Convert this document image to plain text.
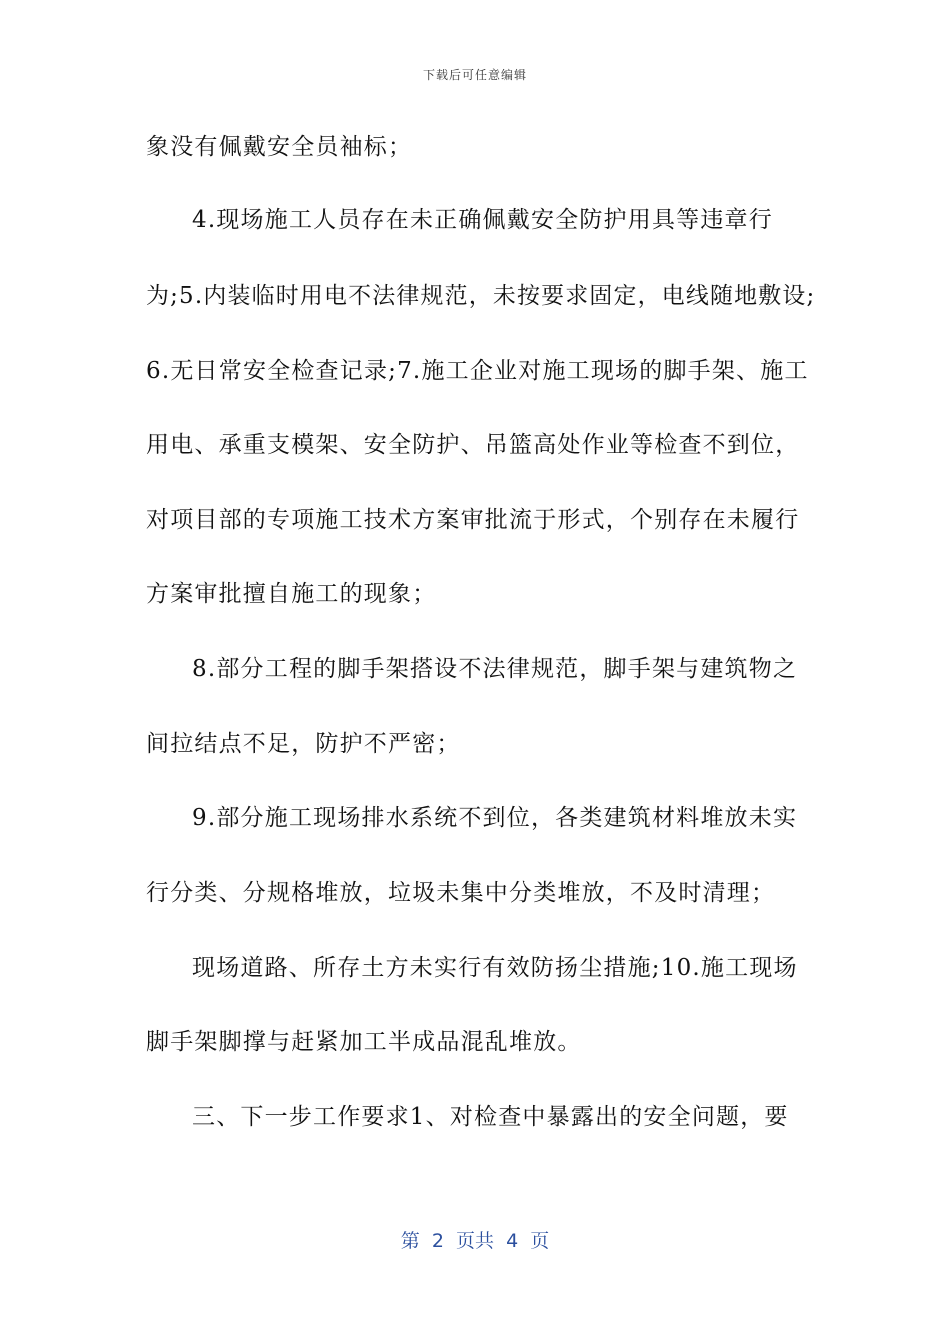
下载后可任意编辑
象没有佩戴安全员袖标；
4.现场施工人员存在未正确佩戴安全防护用具等违章行
为;5.内装临时用电不法律规范，未按要求固定，电线随地敷设;
6.无日常安全检查记录;7.施工企业对施工现场的脚手架、施工
用电、承重支模架、安全防护、吊篮高处作业等检查不到位，
对项目部的专项施工技术方案审批流于形式，个别存在未履行
方案审批擅自施工的现象；
8.部分工程的脚手架搭设不法律规范，脚手架与建筑物之
间拉结点不足，防护不严密；
9.部分施工现场排水系统不到位，各类建筑材料堆放未实
行分类、分规格堆放，垃圾未集中分类堆放，不及时清理；
现场道路、所存土方未实行有效防扬尘措施;10.施工现场
脚手架脚撑与赶紧加工半成品混乱堆放。
三、下一步工作要求1、对检查中暴露出的安全问题，要
第  2  页共  4  页
